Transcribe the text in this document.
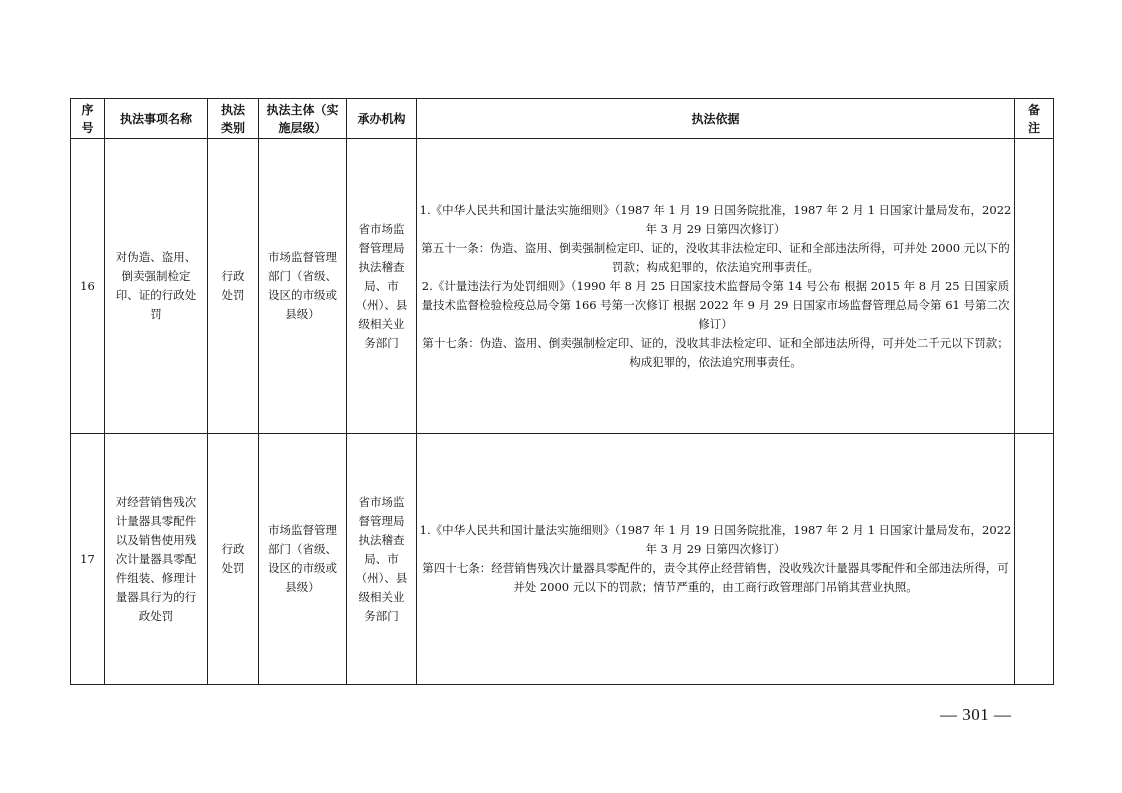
序号	执法事项名称	执法类别	执法主体（实施层级）	承办机构	执法依据	备注

16	对伪造、盗用、倒卖强制检定印、证的行政处罚	行政处罚	市场监督管理部门（省级、设区的市级或县级）	省市场监督管理局执法稽查局、市（州）、县级相关业务部门	1.《中华人民共和国计量法实施细则》（1987 年 1 月 19 日国务院批准，1987 年 2 月 1 日国家计量局发布，2022 年 3 月 29 日第四次修订）
第五十一条：伪造、盗用、倒卖强制检定印、证的，没收其非法检定印、证和全部违法所得，可并处 2000 元以下的罚款；构成犯罪的，依法追究刑事责任。
2.《计量违法行为处罚细则》（1990 年 8 月 25 日国家技术监督局令第 14 号公布 根据 2015 年 8 月 25 日国家质量技术监督检验检疫总局令第 166 号第一次修订 根据 2022 年 9 月 29 日国家市场监督管理总局令第 61 号第二次修订）
第十七条：伪造、盗用、倒卖强制检定印、证的，没收其非法检定印、证和全部违法所得，可并处二千元以下罚款；构成犯罪的，依法追究刑事责任。	

17	对经营销售残次计量器具零配件以及销售使用残次计量器具零配件组装、修理计量器具行为的行政处罚	行政处罚	市场监督管理部门（省级、设区的市级或县级）	省市场监督管理局执法稽查局、市（州）、县级相关业务部门	1.《中华人民共和国计量法实施细则》（1987 年 1 月 19 日国务院批准，1987 年 2 月 1 日国家计量局发布，2022 年 3 月 29 日第四次修订）
第四十七条：经营销售残次计量器具零配件的，责令其停止经营销售，没收残次计量器具零配件和全部违法所得，可并处 2000 元以下的罚款；情节严重的，由工商行政管理部门吊销其营业执照。	

— 301 —
